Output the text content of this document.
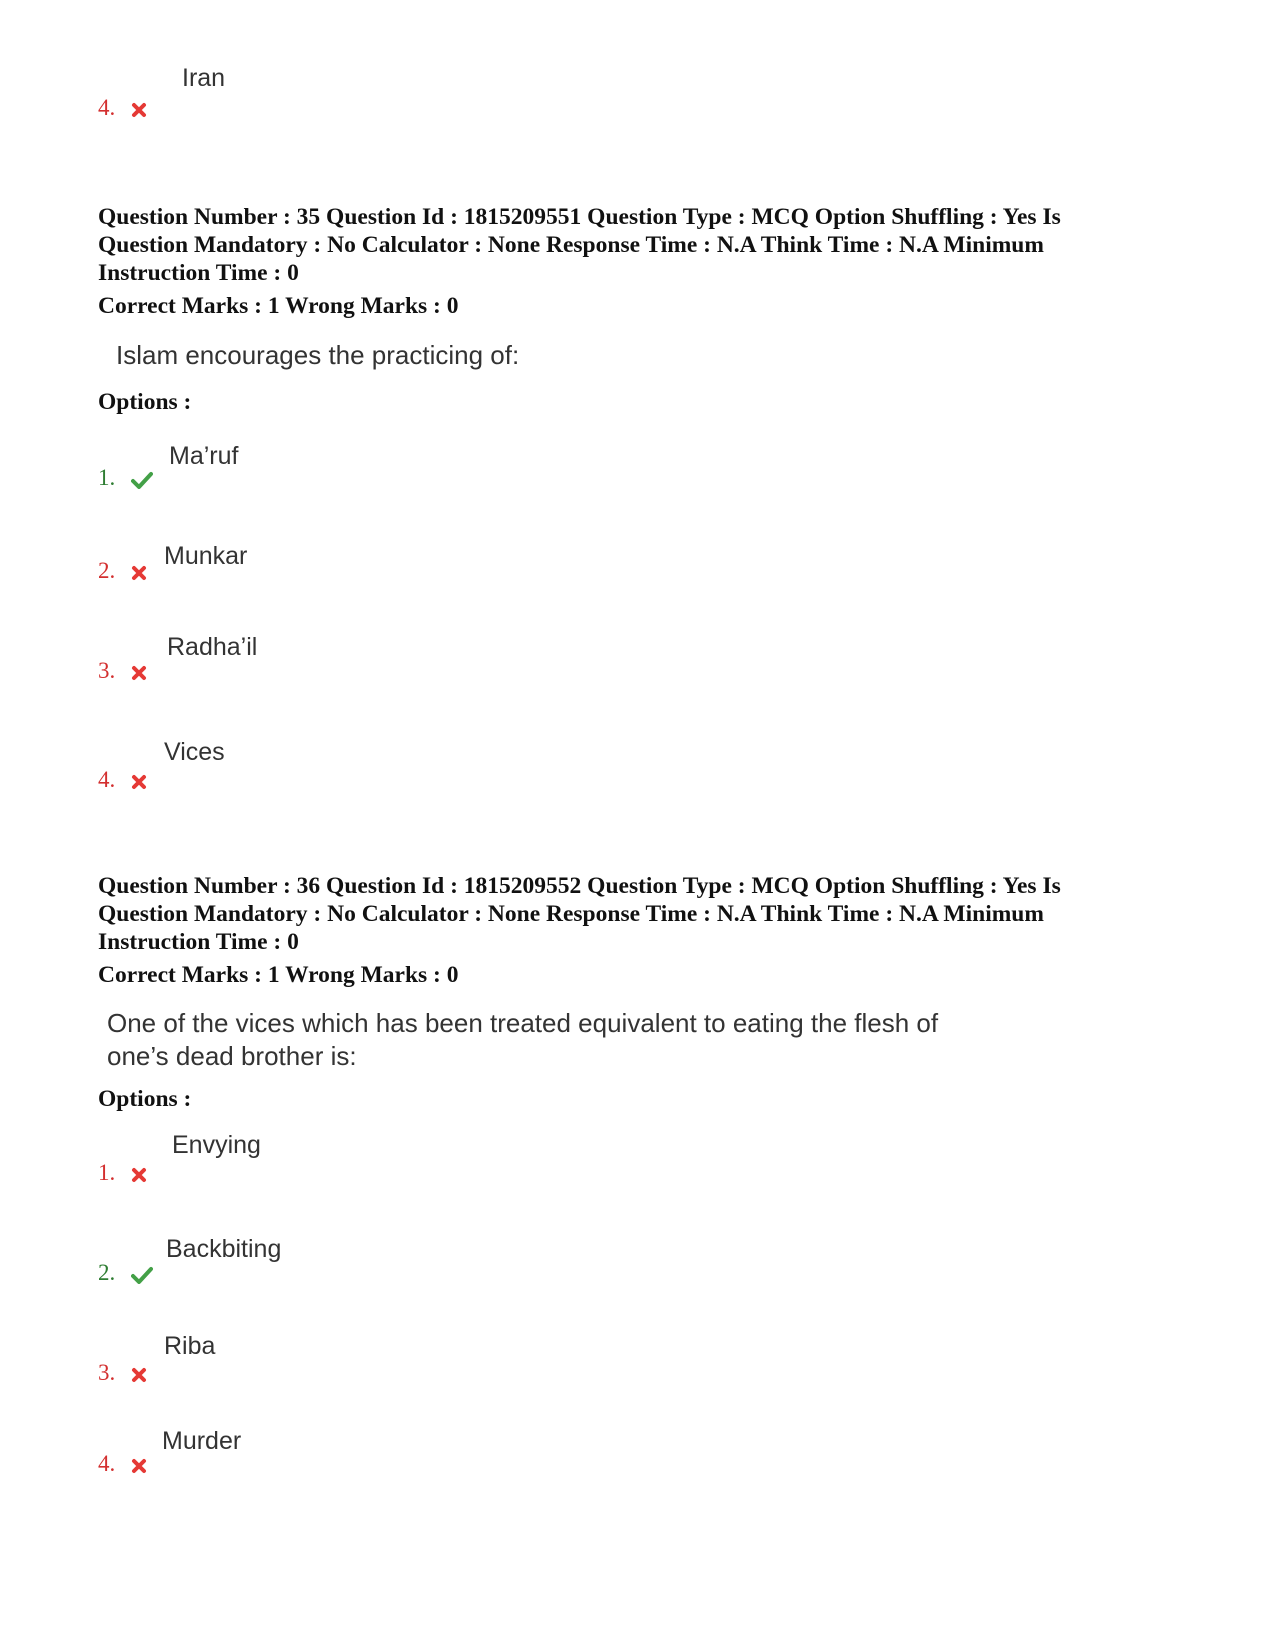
Iran
4.
Question Number : 35 Question Id : 1815209551 Question Type : MCQ Option Shuffling : Yes Is
Question Mandatory : No Calculator : None Response Time : N.A Think Time : N.A Minimum
Instruction Time : 0
Correct Marks : 1 Wrong Marks : 0
Islam encourages the practicing of:
Options :
Ma’ruf
1.
Munkar
2.
Radha’il
3.
Vices
4.
Question Number : 36 Question Id : 1815209552 Question Type : MCQ Option Shuffling : Yes Is
Question Mandatory : No Calculator : None Response Time : N.A Think Time : N.A Minimum
Instruction Time : 0
Correct Marks : 1 Wrong Marks : 0
One of the vices which has been treated equivalent to eating the flesh of
one’s dead brother is:
Options :
Envying
1.
Backbiting
2.
Riba
3.
Murder
4.
